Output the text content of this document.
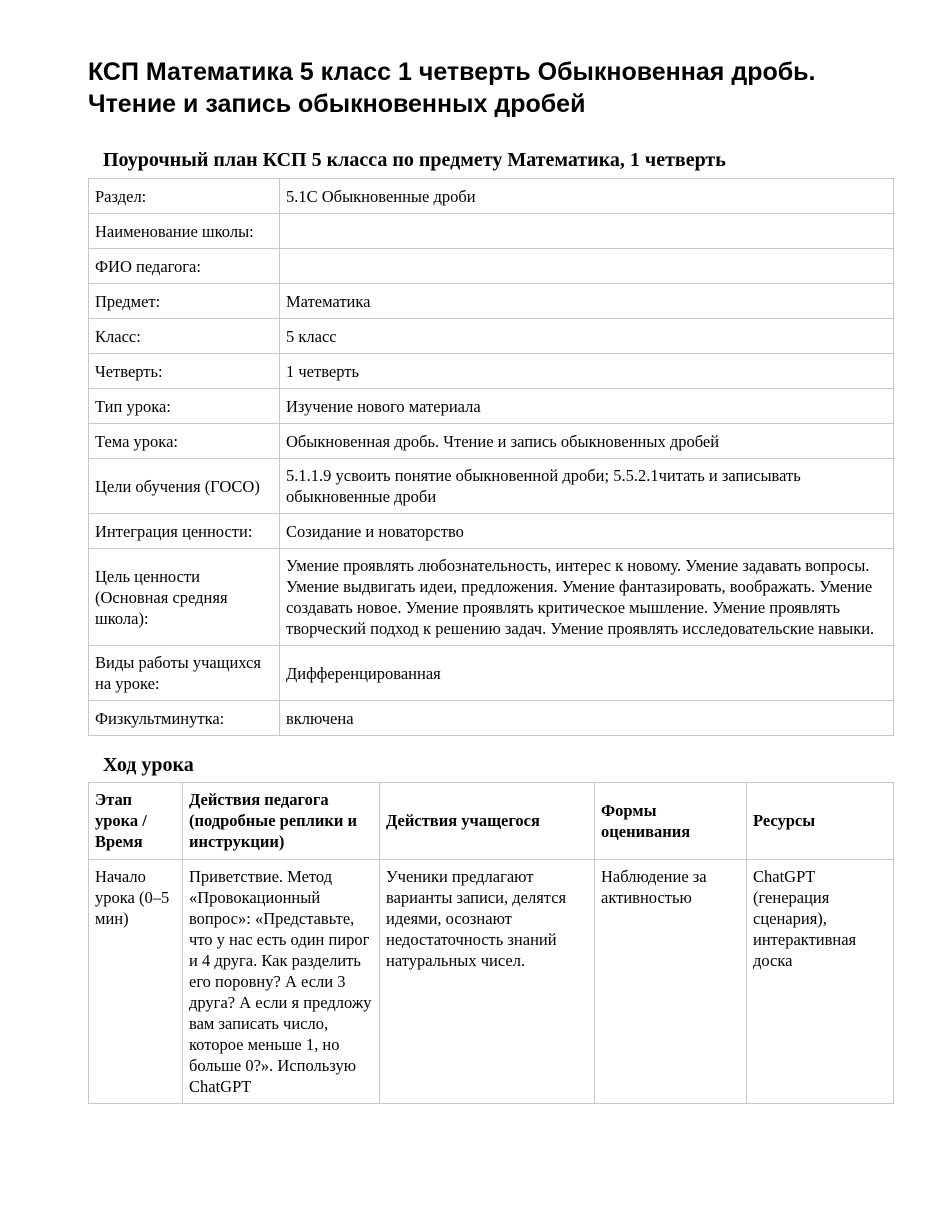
КСП Математика 5 класс 1 четверть Обыкновенная дробь. Чтение и запись обыкновенных дробей
Поурочный план КСП 5 класса по предмету Математика, 1 четверть
Раздел:	5.1С Обыкновенные дроби
Наименование школы:	
ФИО педагога:	
Предмет:	Математика
Класс:	5 класс
Четверть:	1 четверть
Тип урока:	Изучение нового материала
Тема урока:	Обыкновенная дробь. Чтение и запись обыкновенных дробей
Цели обучения (ГОСО)	5.1.1.9 усвоить понятие обыкновенной дроби; 5.5.2.1читать и записывать обыкновенные дроби
Интеграция ценности:	Созидание и новаторство
Цель ценности (Основная средняя школа):	Умение проявлять любознательность, интерес к новому. Умение задавать вопросы. Умение выдвигать идеи, предложения. Умение фантазировать, воображать. Умение создавать новое. Умение проявлять критическое мышление. Умение проявлять творческий подход к решению задач. Умение проявлять исследовательские навыки.
Виды работы учащихся на уроке:	Дифференцированная
Физкультминутка:	включена
Ход урока
Этап урока / Время	Действия педагога (подробные реплики и инструкции)	Действия учащегося	Формы оценивания	Ресурсы
Начало урока (0–5 мин)	Приветствие. Метод «Провокационный вопрос»: «Представьте, что у нас есть один пирог и 4 друга. Как разделить его поровну? А если 3 друга? А если я предложу вам записать число, которое меньше 1, но больше 0?». Использую ChatGPT	Ученики предлагают варианты записи, делятся идеями, осознают недостаточность знаний натуральных чисел.	Наблюдение за активностью	ChatGPT (генерация сценария), интерактивная доска
